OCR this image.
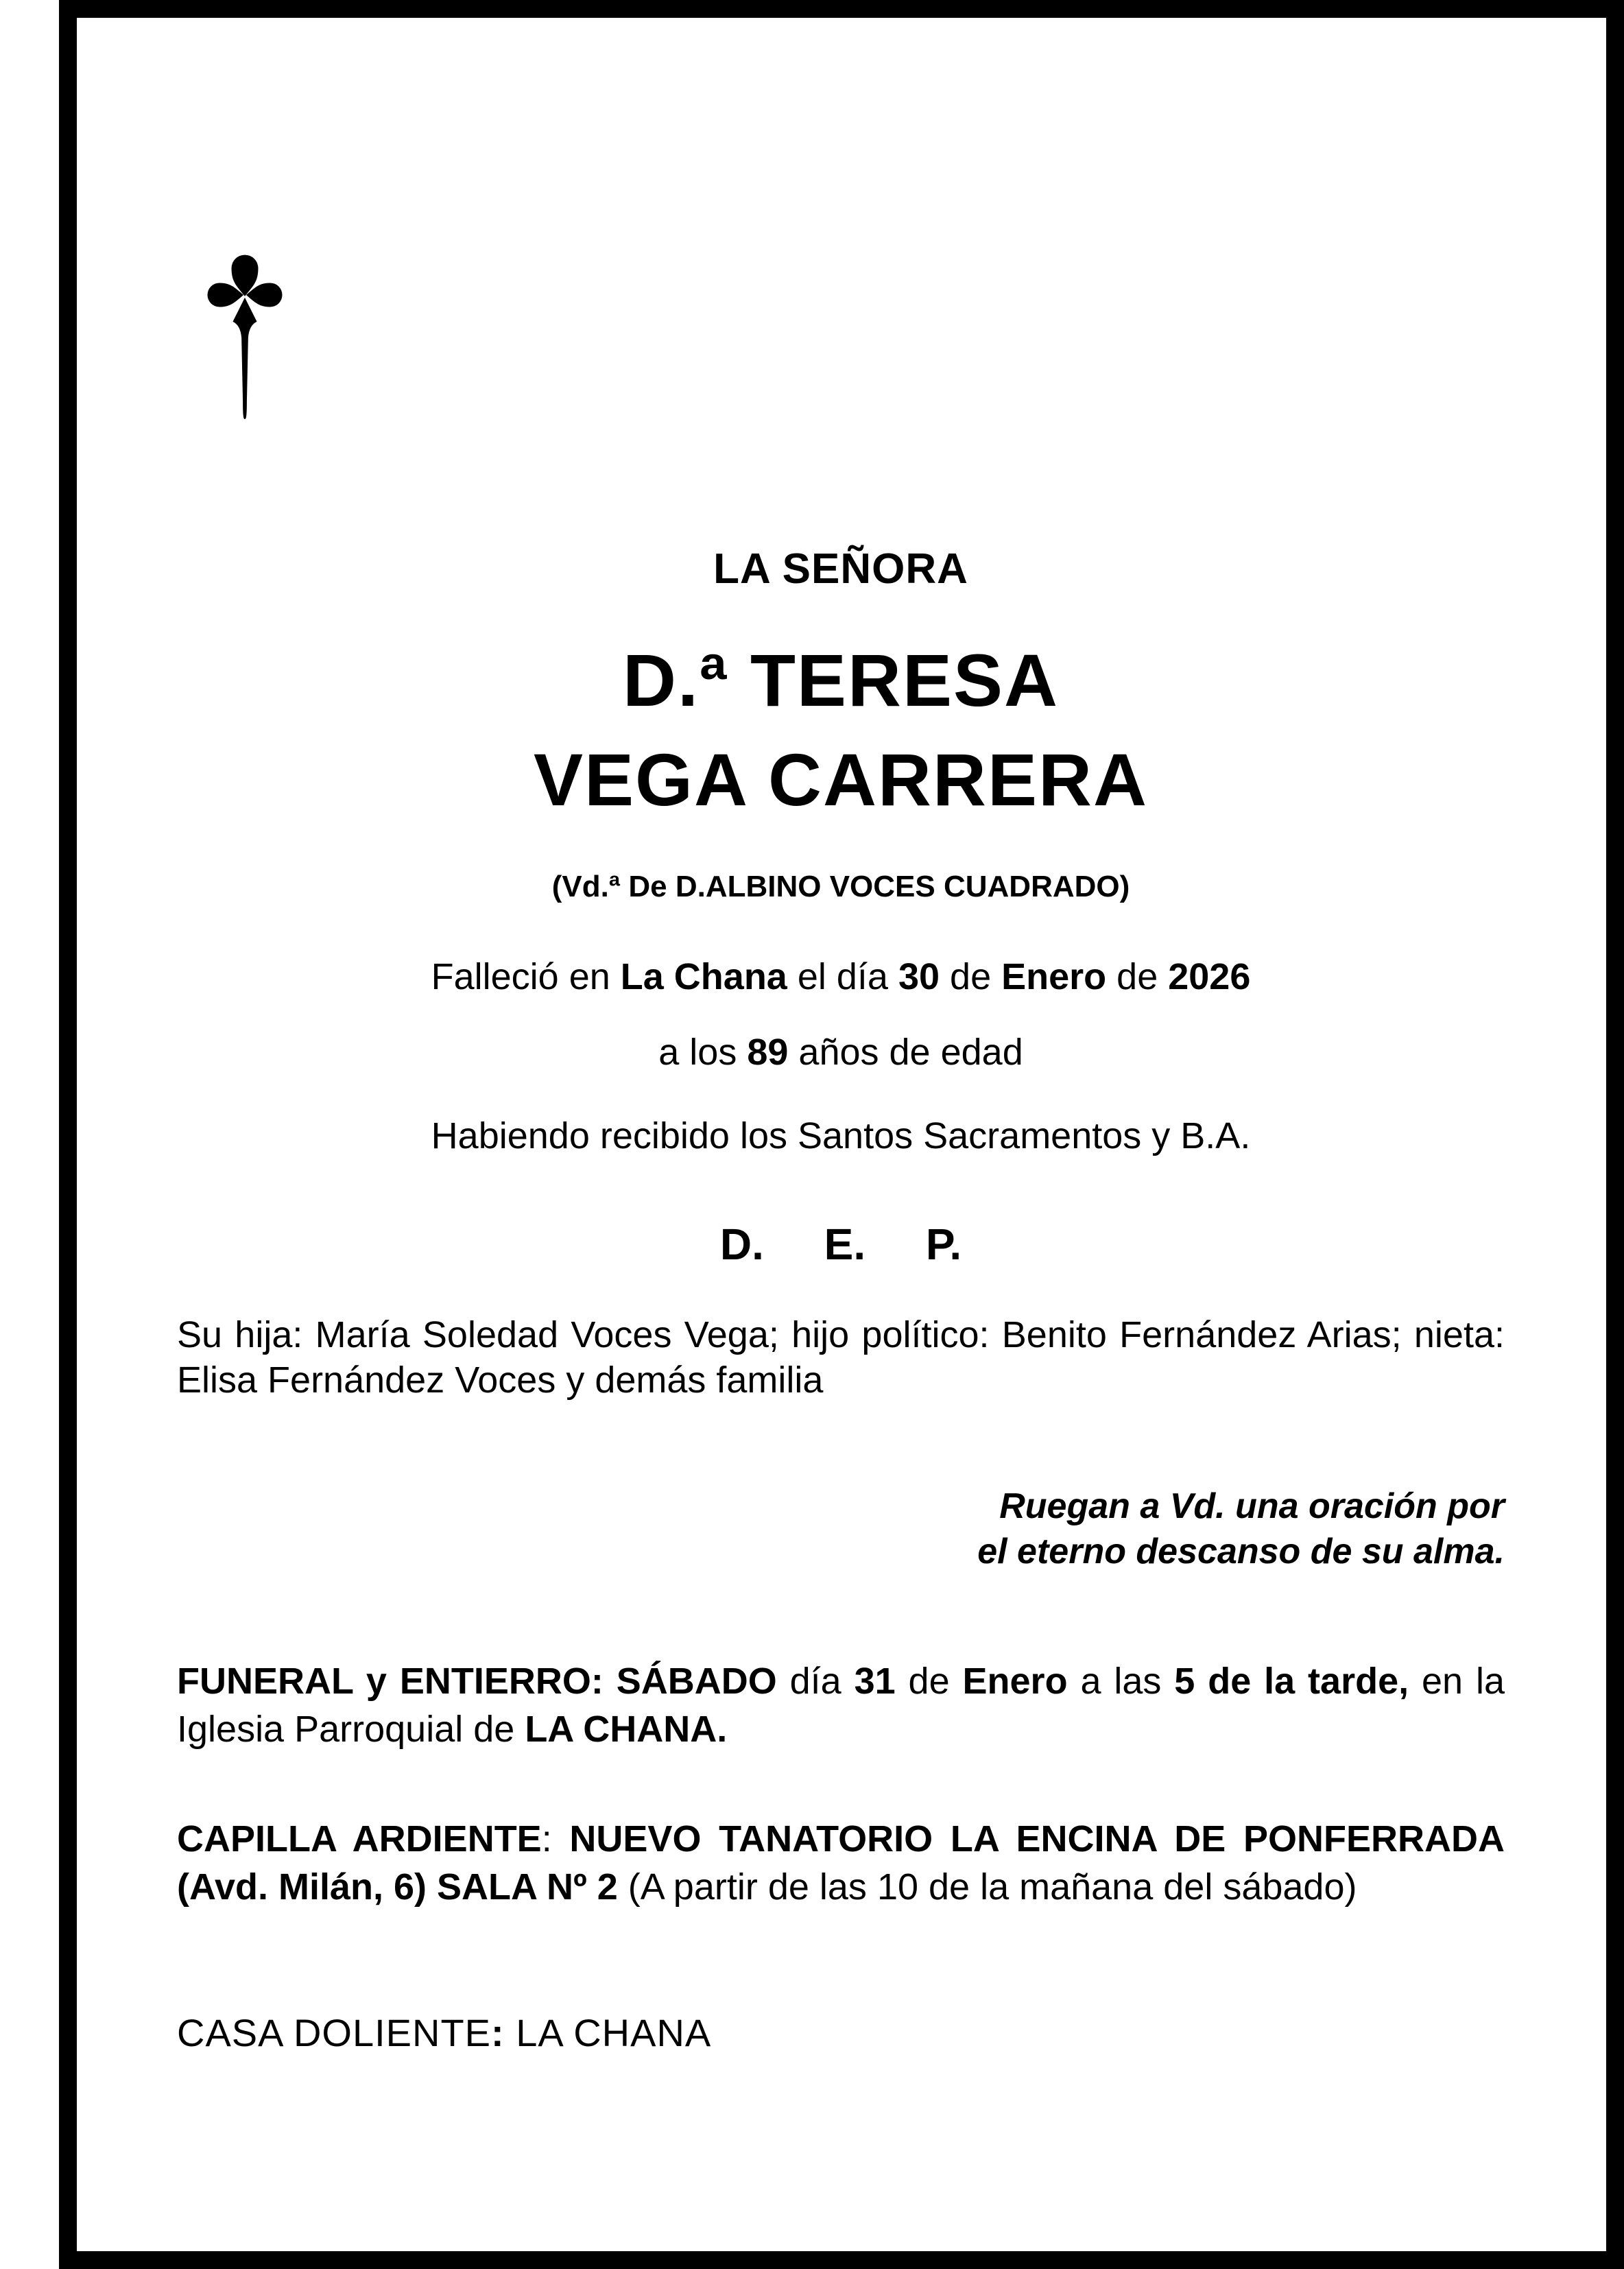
LA SEÑORA
D.ª TERESA
VEGA CARRERA
(Vd.ª De D.ALBINO VOCES CUADRADO)
Falleció en La Chana el día 30 de Enero de 2026
a los 89 años de edad
Habiendo recibido los Santos Sacramentos y B.A.
D. E. P.
Su hija: María Soledad Voces Vega; hijo político: Benito Fernández Arias; nieta: Elisa Fernández Voces y demás familia
Ruegan a Vd. una oración por
el eterno descanso de su alma.
FUNERAL y ENTIERRO: SÁBADO día 31 de Enero a las 5 de la tarde, en la Iglesia Parroquial de LA CHANA.
CAPILLA ARDIENTE: NUEVO TANATORIO LA ENCINA DE PONFERRADA (Avd. Milán, 6) SALA Nº 2 (A partir de las 10 de la mañana del sábado)
CASA DOLIENTE: LA CHANA
